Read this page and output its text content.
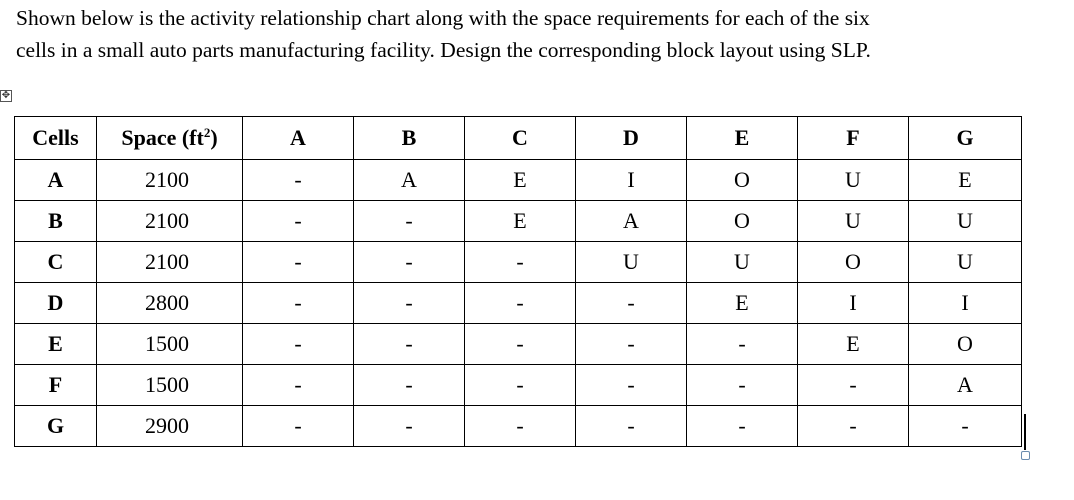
Shown below is the activity relationship chart along with the space requirements for each of the six
cells in a small auto parts manufacturing facility. Design the corresponding block layout using SLP.

✥
Cells	Space $(ft^2)$	A	B	C	D	E	F	G
A	2100	-	A	E	I	O	U	E
B	2100	-	-	E	A	O	U	U
C	2100	-	-	-	U	U	O	U
D	2800	-	-	-	-	E	I	I
E	1500	-	-	-	-	-	E	O
F	1500	-	-	-	-	-	-	A
G	2900	-	-	-	-	-	-	-
